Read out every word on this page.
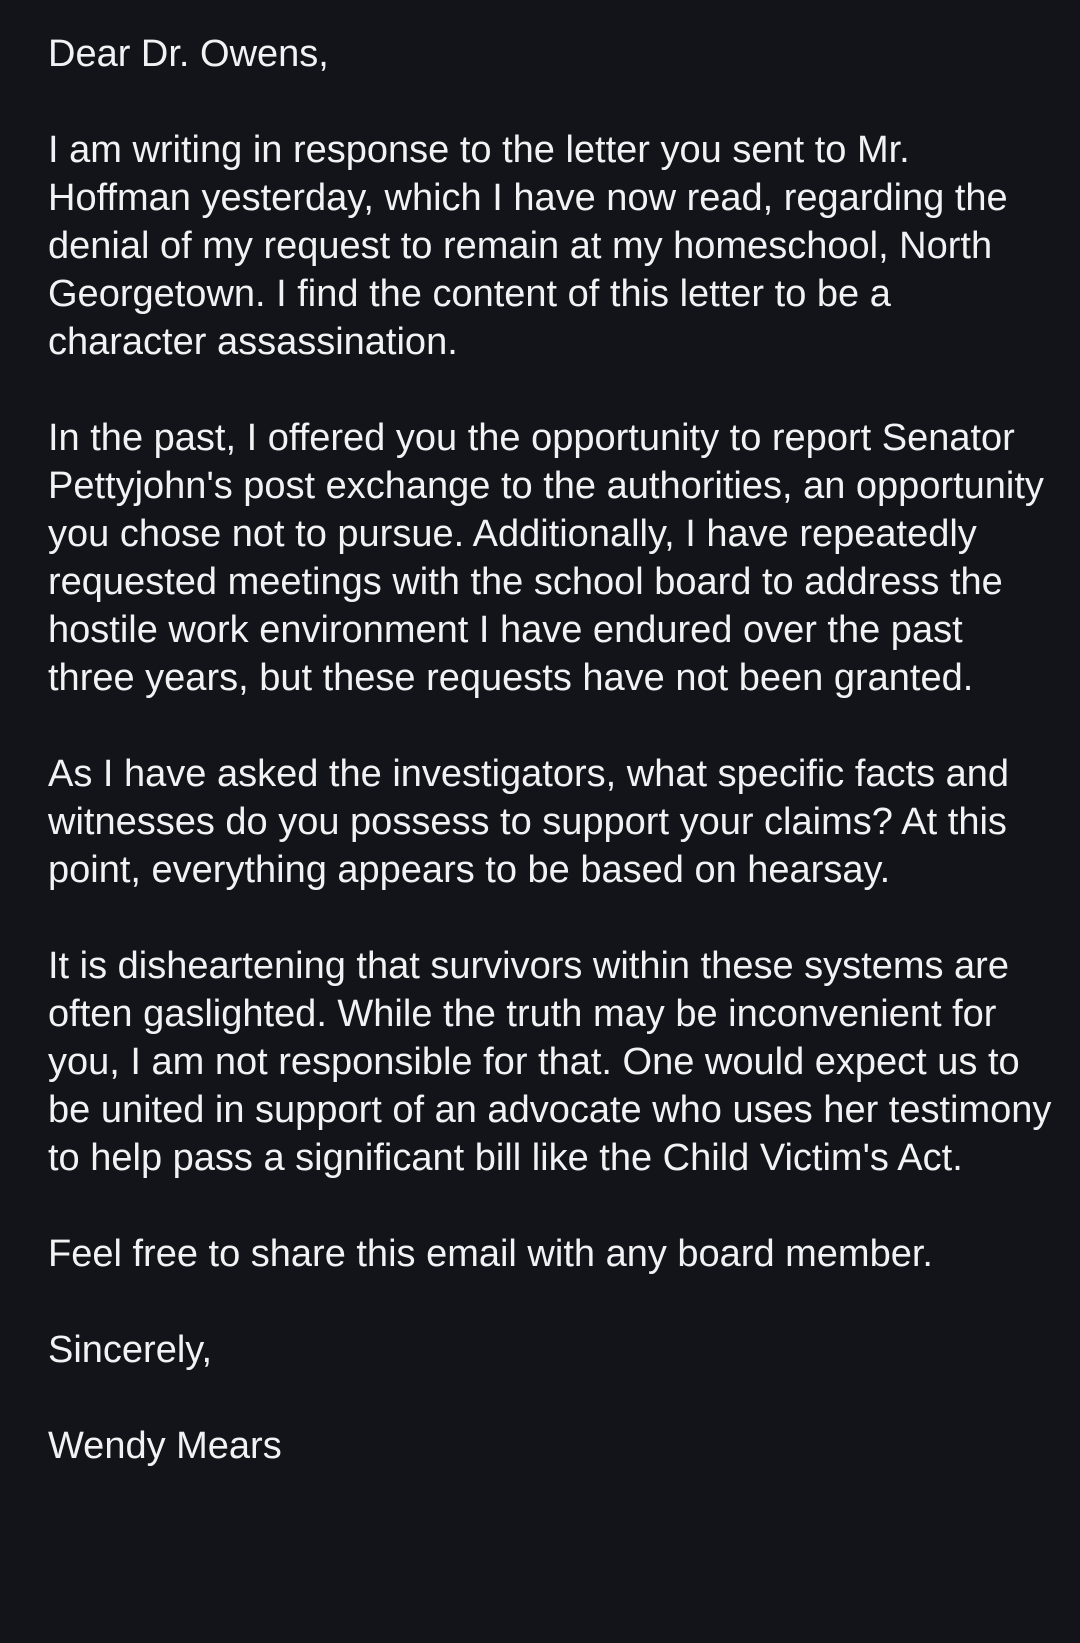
Dear Dr. Owens,

I am writing in response to the letter you sent to Mr. Hoffman yesterday, which I have now read, regarding the denial of my request to remain at my homeschool, North Georgetown. I find the content of this letter to be a character assassination.

In the past, I offered you the opportunity to report Senator Pettyjohn's post exchange to the authorities, an opportunity you chose not to pursue. Additionally, I have repeatedly requested meetings with the school board to address the hostile work environment I have endured over the past three years, but these requests have not been granted.

As I have asked the investigators, what specific facts and witnesses do you possess to support your claims? At this point, everything appears to be based on hearsay.

It is disheartening that survivors within these systems are often gaslighted. While the truth may be inconvenient for you, I am not responsible for that. One would expect us to be united in support of an advocate who uses her testimony to help pass a significant bill like the Child Victim's Act.

Feel free to share this email with any board member.

Sincerely,

Wendy Mears
